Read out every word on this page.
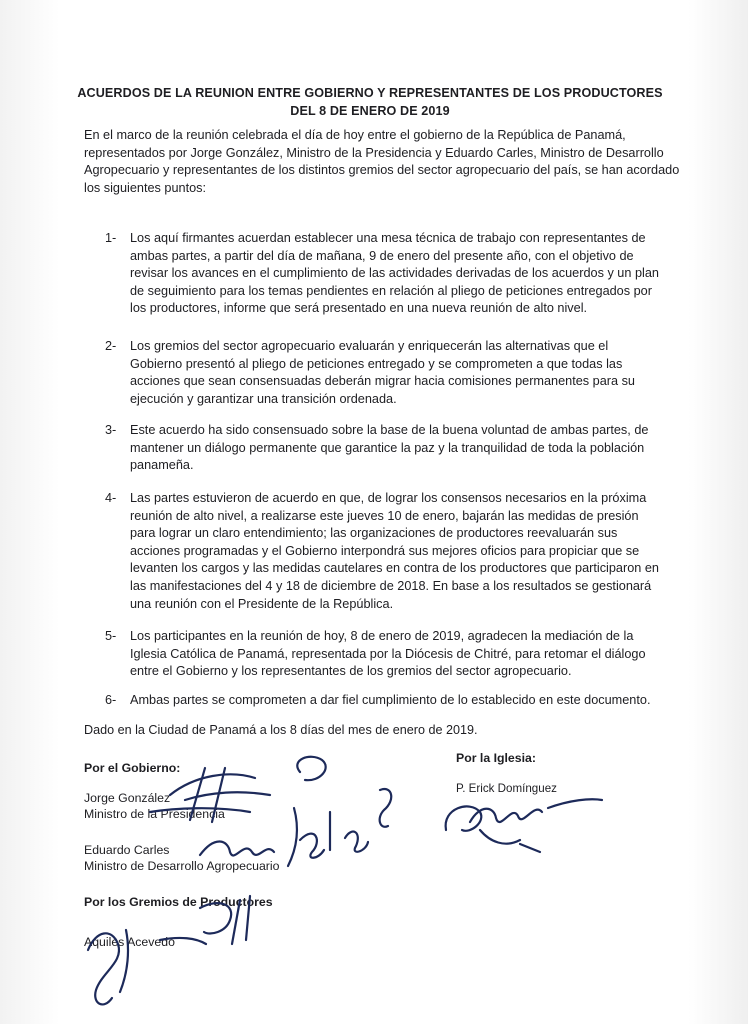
ACUERDOS DE LA REUNION ENTRE GOBIERNO Y REPRESENTANTES DE LOS PRODUCTORES DEL 8 DE ENERO DE 2019
En el marco de la reunión celebrada el día de hoy entre el gobierno de la República de Panamá, representados por Jorge González, Ministro de la Presidencia y Eduardo Carles, Ministro de Desarrollo Agropecuario y representantes de los distintos gremios del sector agropecuario del país, se han acordado los siguientes puntos:
1-	Los aquí firmantes acuerdan establecer una mesa técnica de trabajo con representantes de ambas partes, a partir del día de mañana, 9 de enero del presente año, con el objetivo de revisar los avances en el cumplimiento de las actividades derivadas de los acuerdos y un plan de seguimiento para los temas pendientes en relación al pliego de peticiones entregados por los productores, informe que será presentado en una nueva reunión de alto nivel.
2-	Los gremios del sector agropecuario evaluarán y enriquecerán las alternativas que el Gobierno presentó al pliego de peticiones entregado y se comprometen a que todas las acciones que sean consensuadas deberán migrar hacia comisiones permanentes para su ejecución y garantizar una transición ordenada.
3-	Este acuerdo ha sido consensuado sobre la base de la buena voluntad de ambas partes, de mantener un diálogo permanente que garantice la paz y la tranquilidad de toda la población panameña.
4-	Las partes estuvieron de acuerdo en que, de lograr los consensos necesarios en la próxima reunión de alto nivel, a realizarse este jueves 10 de enero, bajarán las medidas de presión para lograr un claro entendimiento; las organizaciones de productores reevaluarán sus acciones programadas y el Gobierno interpondrá sus mejores oficios para propiciar que se levanten los cargos y las medidas cautelares en contra de los productores que participaron en las manifestaciones del 4 y 18 de diciembre de 2018. En base a los resultados se gestionará una reunión con el Presidente de la República.
5-	Los participantes en la reunión de hoy, 8 de enero de 2019, agradecen la mediación de la Iglesia Católica de Panamá, representada por la Diócesis de Chitré, para retomar el diálogo entre el Gobierno y los representantes de los gremios del sector agropecuario.
6-	Ambas partes se comprometen a dar fiel cumplimiento de lo establecido en este documento.
Dado en la Ciudad de Panamá a los 8 días del mes de enero de 2019.
Por el Gobierno:
Jorge González
Ministro de la Presidencia
Eduardo Carles
Ministro de Desarrollo Agropecuario
Por la Iglesia:
P. Erick Domínguez
Por los Gremios de Productores
Aquiles Acevedo
